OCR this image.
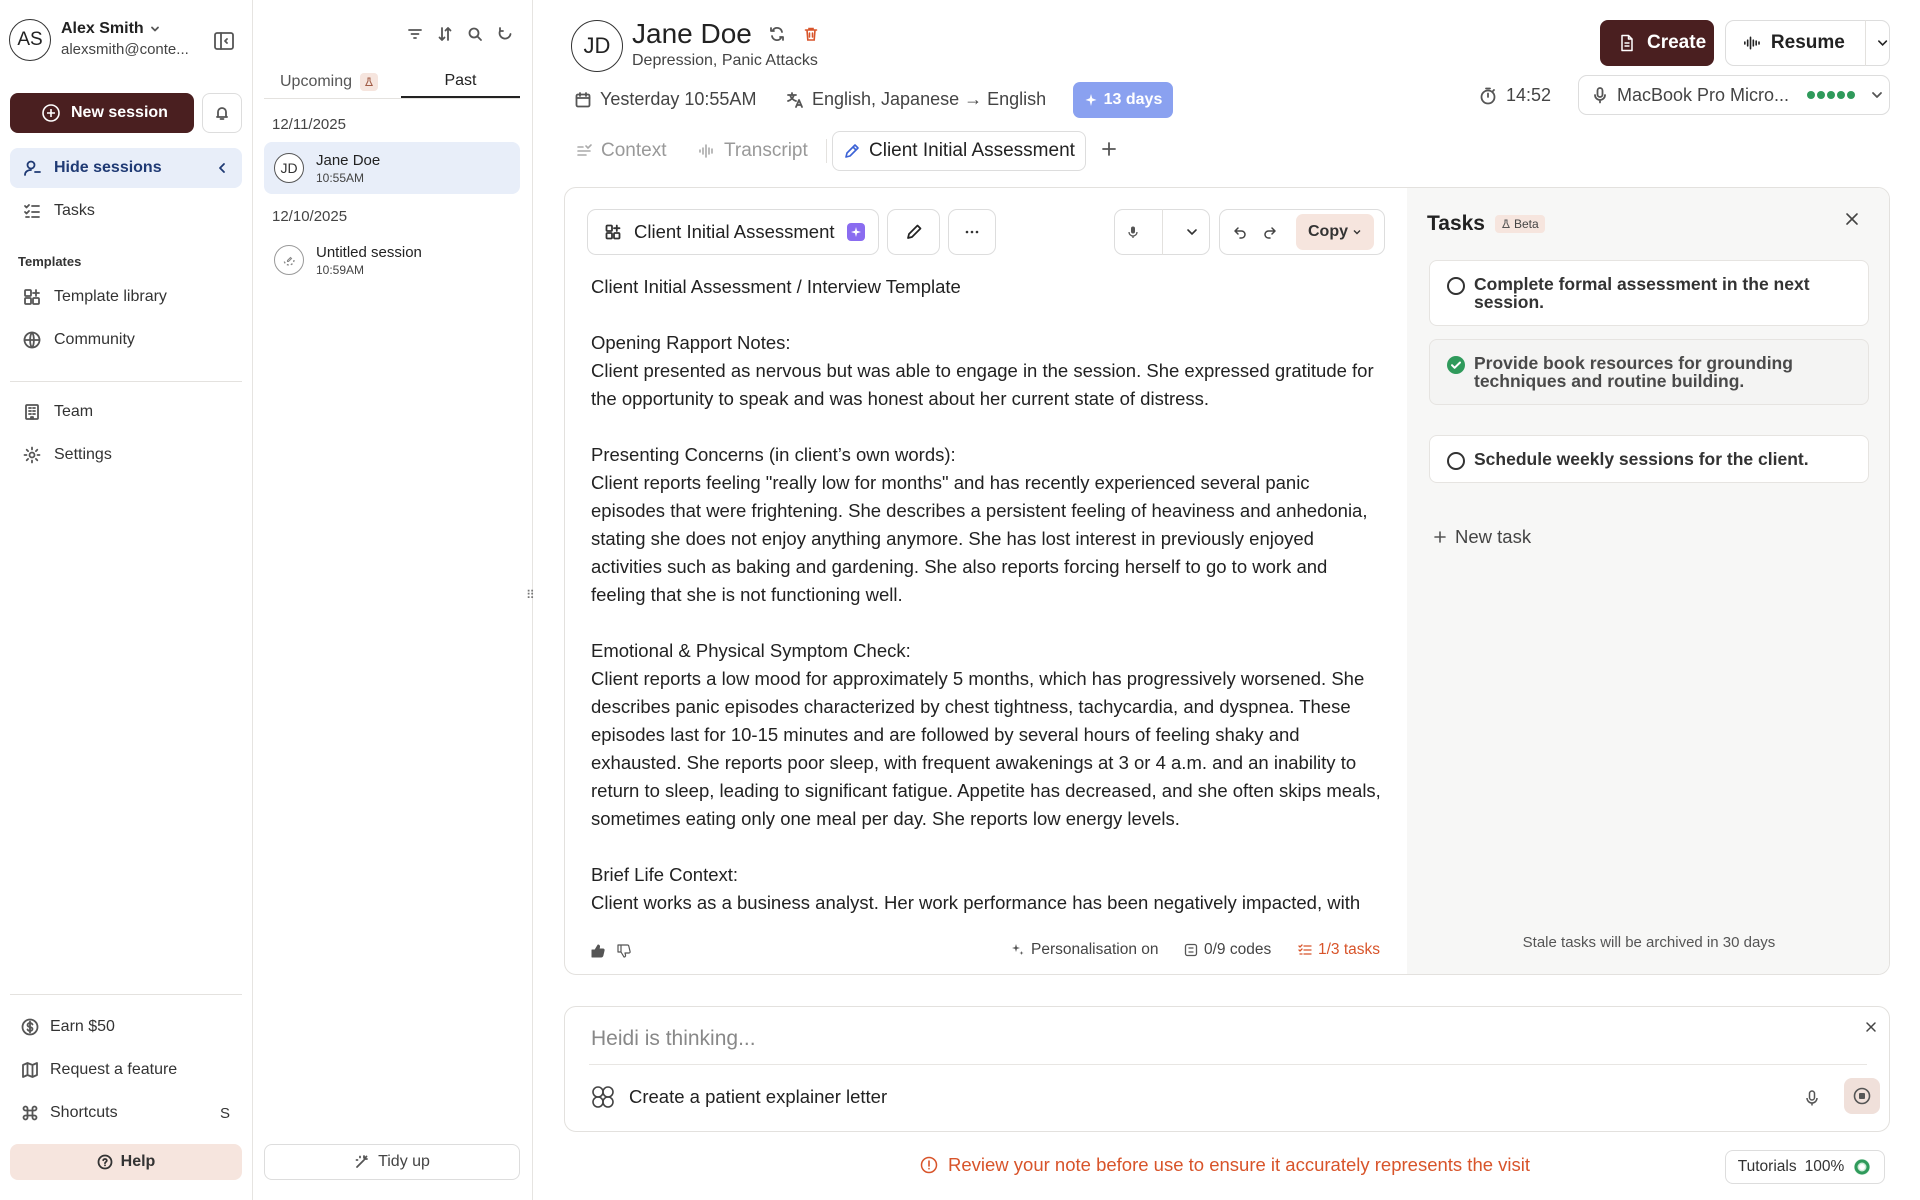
AS
Alex Smith
alexsmith@conte...
New session
Hide sessions
Tasks
Templates
Template library
Community
Team
Settings
Earn $50
Request a feature
Shortcuts	S
Help
Upcoming	Past
12/11/2025
JD	Jane Doe
10:55AM
12/10/2025
Untitled session
10:59AM
⠿
Tidy up
JD Jane Doe
Depression, Panic Attacks
Yesterday 10:55AM	English, Japanese → English	13 days	14:52	MacBook Pro Micro...
Create	Resume
Context	Transcript	Client Initial Assessment
Client Initial Assessment	Copy
Client Initial Assessment / Interview Template

Opening Rapport Notes:
Client presented as nervous but was able to engage in the session. She expressed gratitude for the opportunity to speak and was honest about her current state of distress.

Presenting Concerns (in client’s own words):
Client reports feeling "really low for months" and has recently experienced several panic episodes that were frightening. She describes a persistent feeling of heaviness and anhedonia, stating she does not enjoy anything anymore. She has lost interest in previously enjoyed activities such as baking and gardening. She also reports forcing herself to go to work and feeling that she is not functioning well.

Emotional & Physical Symptom Check:
Client reports a low mood for approximately 5 months, which has progressively worsened. She describes panic episodes characterized by chest tightness, tachycardia, and dyspnea. These episodes last for 10-15 minutes and are followed by several hours of feeling shaky and exhausted. She reports poor sleep, with frequent awakenings at 3 or 4 a.m. and an inability to return to sleep, leading to significant fatigue. Appetite has decreased, and she often skips meals, sometimes eating only one meal per day. She reports low energy levels.

Brief Life Context:
Client works as a business analyst. Her work performance has been negatively impacted, with
Personalisation on	0/9 codes	1/3 tasks
Tasks Beta
Complete formal assessment in the next session.
Provide book resources for grounding techniques and routine building.
Schedule weekly sessions for the client.
New task
Stale tasks will be archived in 30 days
Heidi is thinking...
Create a patient explainer letter
Review your note before use to ensure it accurately represents the visit	Tutorials 100%
